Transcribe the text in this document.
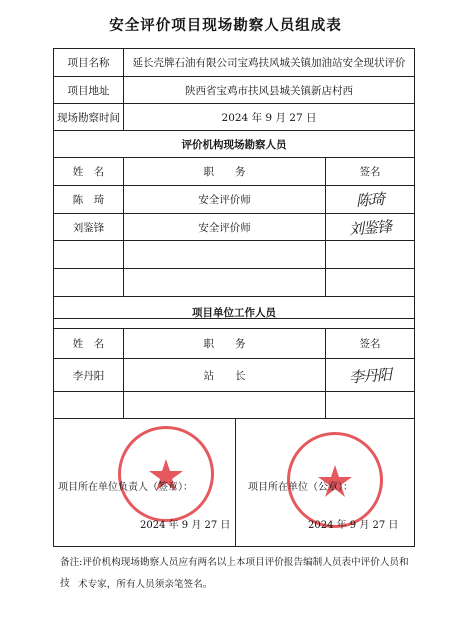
安全评价项目现场勘察人员组成表
项目名称	延长壳牌石油有限公司宝鸡扶风城关镇加油站安全现状评价
项目地址	陕西省宝鸡市扶风县城关镇新店村西
现场勘察时间	2024 年 9 月 27 日
评价机构现场勘察人员
姓　名	职　　务	签名
陈　琦	安全评价师	陈琦
刘鉴锋	安全评价师	刘鉴锋
项目单位工作人员
姓　名	职　　务	签名
李丹阳	站　　长	李丹阳
项目所在单位负责人（签章）：
2024 年 9 月 27 日
项目所在单位（公章）：
2024 年 9 月 27 日
备注:评价机构现场勘察人员应有两名以上本项目评价报告编制人员表中评价人员和技 术专家，所有人员须亲笔签名。
